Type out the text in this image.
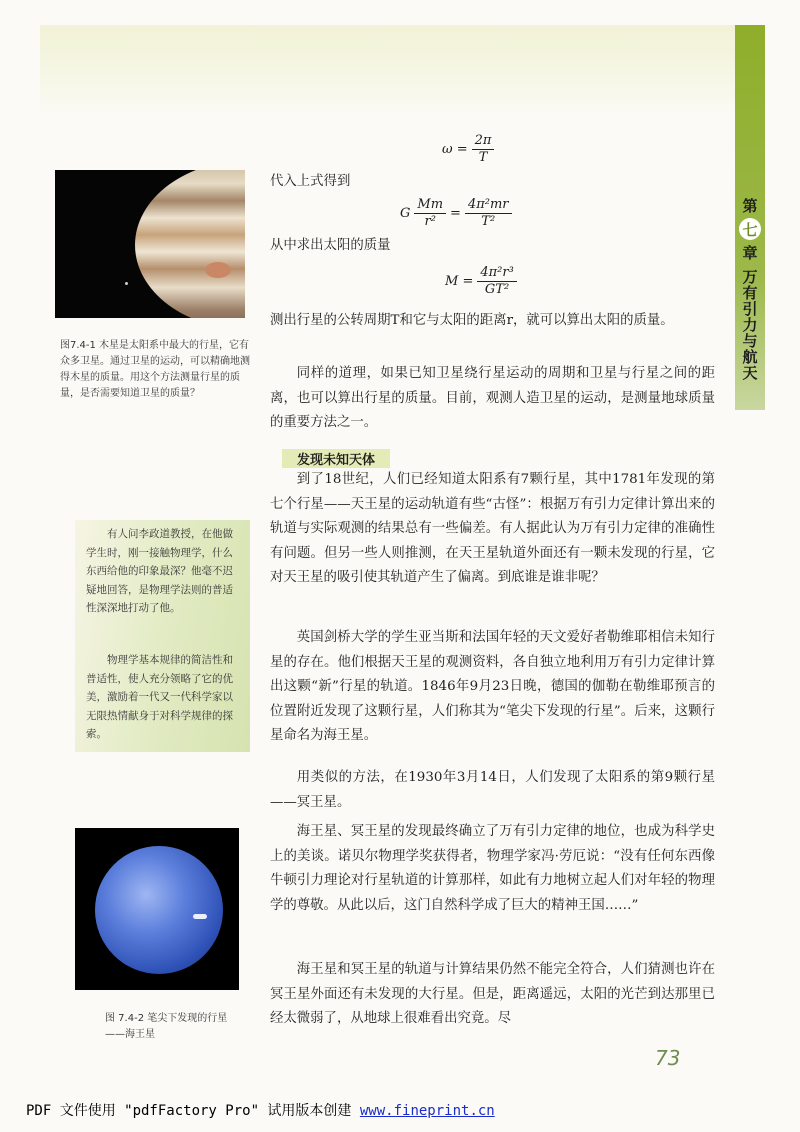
第
七
章
万有引力与航天

图7.4-1 木星是太阳系中最大的行星，它有众多卫星。通过卫星的运动，可以精确地测得木星的质量。用这个方法测量行星的质量，是否需要知道卫星的质量？

有人问李政道教授，在他做学生时，刚一接触物理学，什么东西给他的印象最深？他毫不迟疑地回答，是物理学法则的普适性深深地打动了他。

物理学基本规律的简洁性和普适性，使人充分领略了它的优美，激励着一代又一代科学家以无限热情献身于对科学规律的探索。

图 7.4-2 笔尖下发现的行星——海王星

$\omega = \frac{2\pi}{T}$

代入上式得到

G $\frac{Mm}{\text{r²}} = \frac{\text{4π²mr}}{\text{T²}}$

从中求出太阳的质量

$M = \frac{\text{4π²r³}}{\text{GT²}}$

测出行星的公转周期T和它与太阳的距离r，就可以算出太阳的质量。

同样的道理，如果已知卫星绕行星运动的周期和卫星与行星之间的距离，也可以算出行星的质量。目前，观测人造卫星的运动，是测量地球质量的重要方法之一。

发现未知天体

到了18世纪，人们已经知道太阳系有7颗行星，其中1781年发现的第七个行星——天王星的运动轨道有些“古怪”：根据万有引力定律计算出来的轨道与实际观测的结果总有一些偏差。有人据此认为万有引力定律的准确性有问题。但另一些人则推测，在天王星轨道外面还有一颗未发现的行星，它对天王星的吸引使其轨道产生了偏离。到底谁是谁非呢？

英国剑桥大学的学生亚当斯和法国年轻的天文爱好者勒维耶相信未知行星的存在。他们根据天王星的观测资料，各自独立地利用万有引力定律计算出这颗“新”行星的轨道。1846年9月23日晚，德国的伽勒在勒维耶预言的位置附近发现了这颗行星，人们称其为“笔尖下发现的行星”。后来，这颗行星命名为海王星。

用类似的方法，在1930年3月14日，人们发现了太阳系的第9颗行星——冥王星。

海王星、冥王星的发现最终确立了万有引力定律的地位，也成为科学史上的美谈。诺贝尔物理学奖获得者，物理学家冯·劳厄说：“没有任何东西像牛顿引力理论对行星轨道的计算那样，如此有力地树立起人们对年轻的物理学的尊敬。从此以后，这门自然科学成了巨大的精神王国……”

海王星和冥王星的轨道与计算结果仍然不能完全符合，人们猜测也许在冥王星外面还有未发现的大行星。但是，距离遥远，太阳的光芒到达那里已经太微弱了，从地球上很难看出究竟。尽

73
PDF 文件使用 "pdfFactory Pro" 试用版本创建 www.fineprint.cn
